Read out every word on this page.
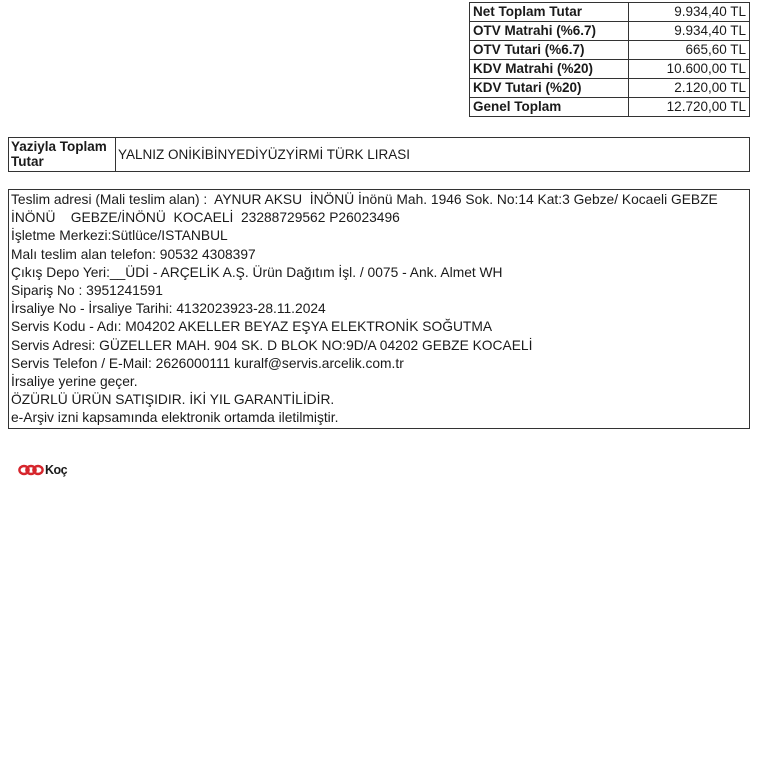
Net Toplam Tutar	9.934,40 TL
OTV Matrahi (%6.7)	9.934,40 TL
OTV Tutari (%6.7)	665,60 TL
KDV Matrahi (%20)	10.600,00 TL
KDV Tutari (%20)	2.120,00 TL
Genel Toplam	12.720,00 TL
Yaziyla Toplam Tutar	YALNIZ ONİKİBİNYEDİYÜZYİRMİ TÜRK LIRASI
Teslim adresi (Mali teslim alan) :  AYNUR AKSU  İNÖNÜ İnönü Mah. 1946 Sok. No:14 Kat:3 Gebze/ Kocaeli GEBZE
İNÖNÜ    GEBZE/İNÖNÜ  KOCAELİ  23288729562 P26023496
İşletme Merkezi:Sütlüce/ISTANBUL
Malı teslim alan telefon: 90532 4308397
Çıkış Depo Yeri:__ÜDİ - ARÇELİK A.Ş. Ürün Dağıtım İşl. / 0075 - Ank. Almet WH
Sipariş No : 3951241591
İrsaliye No - İrsaliye Tarihi: 4132023923-28.11.2024
Servis Kodu - Adı: M04202 AKELLER BEYAZ EŞYA ELEKTRONİK SOĞUTMA
Servis Adresi: GÜZELLER MAH. 904 SK. D BLOK NO:9D/A 04202 GEBZE KOCAELİ
Servis Telefon / E-Mail: 2626000111 kuralf@servis.arcelik.com.tr
İrsaliye yerine geçer.
ÖZÜRLÜ ÜRÜN SATIŞIDIR. İKİ YIL GARANTİLİDİR.
e-Arşiv izni kapsamında elektronik ortamda iletilmiştir.
Koç
